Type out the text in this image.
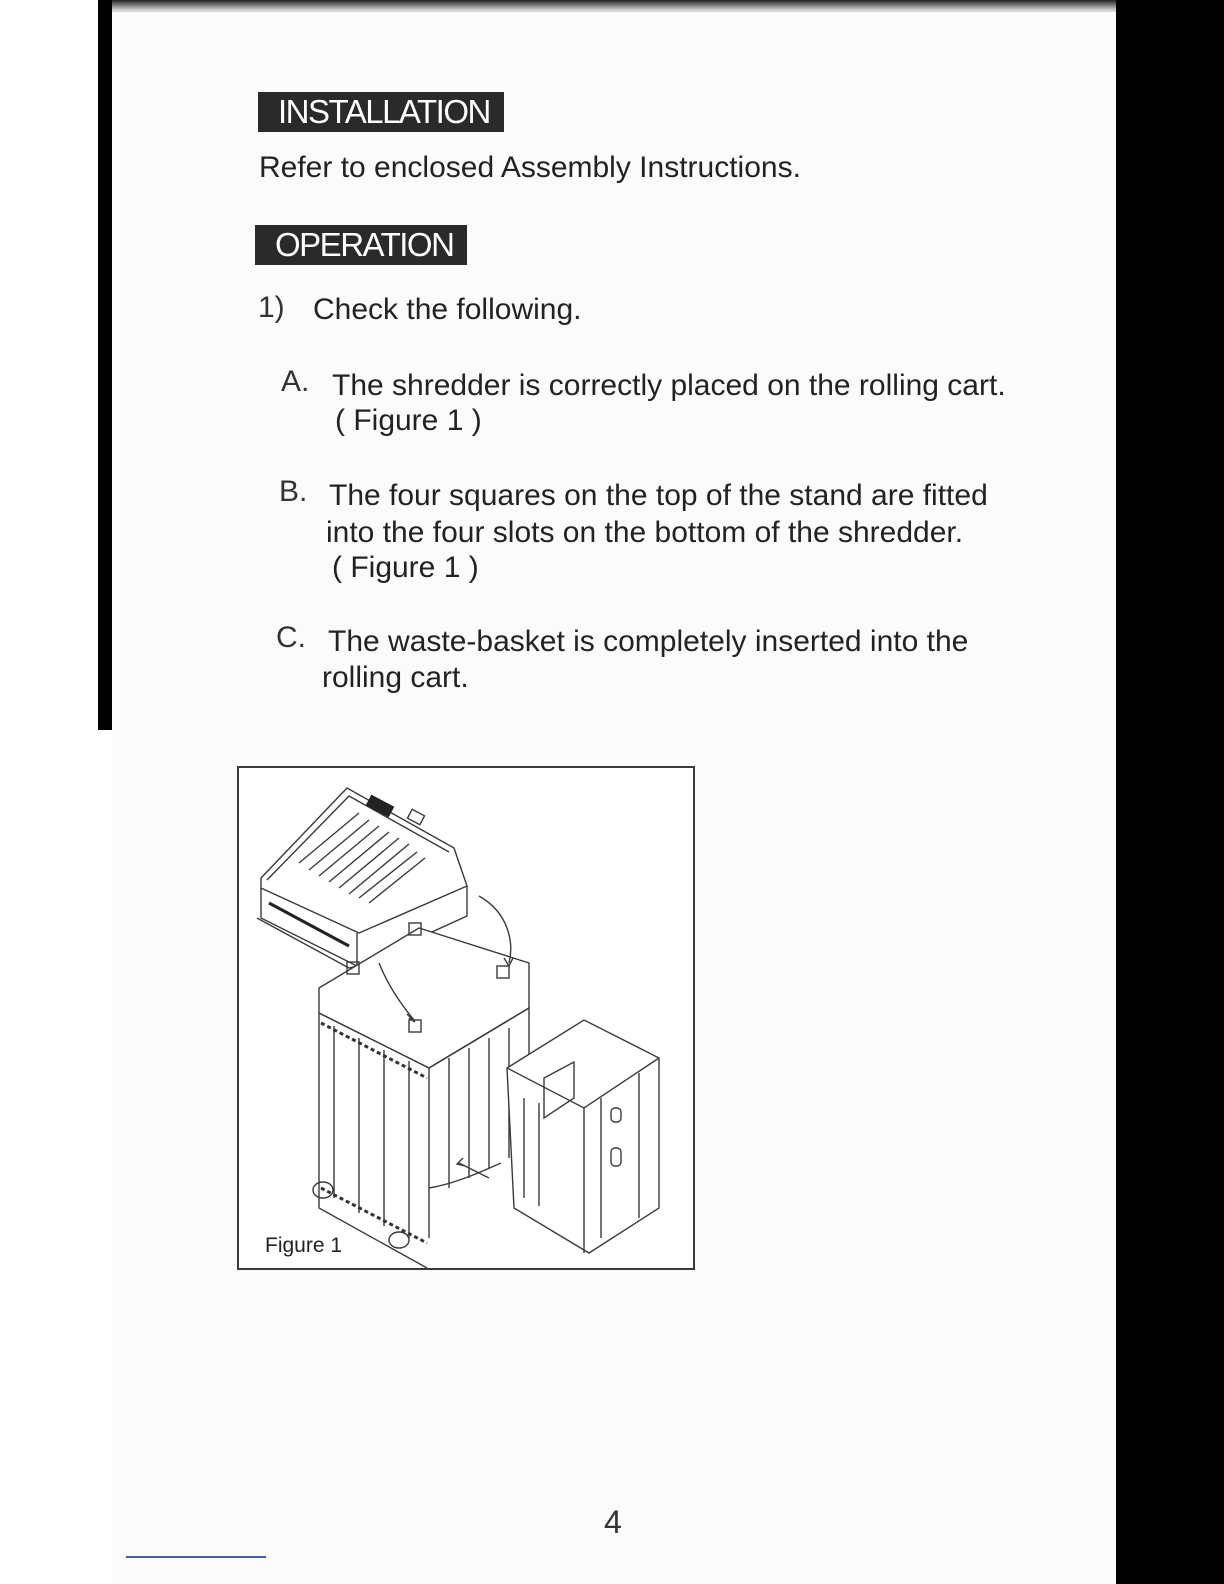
INSTALLATION
Refer to enclosed Assembly Instructions.
OPERATION
1) Check the following.
A. The shredder is correctly placed on the rolling cart.
( Figure 1 )
B. The four squares on the top of the stand are fitted
into the four slots on the bottom of the shredder.
( Figure 1 )
C. The waste-basket is completely inserted into the
rolling cart.
Figure 1
4
